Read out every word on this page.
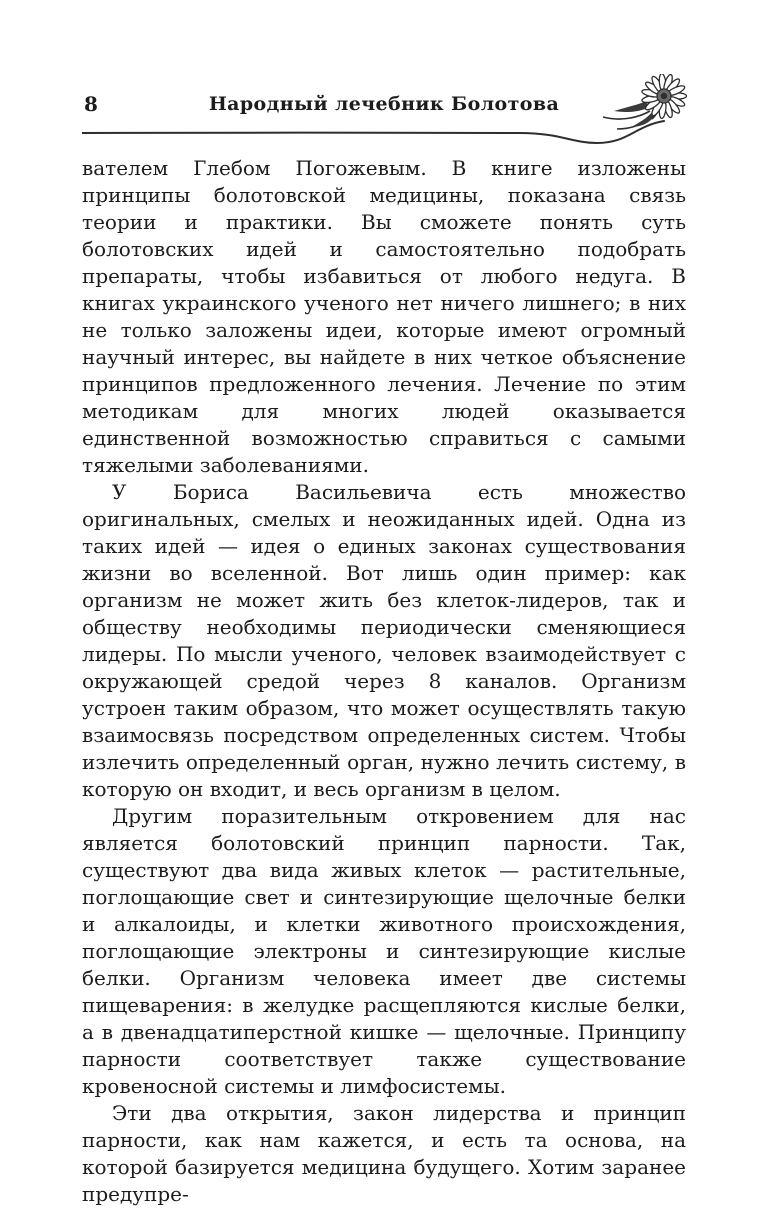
8	Народный лечебник Болотова

вателем Глебом Погожевым. В книге изложены принципы болотовской медицины, показана связь теории и практики. Вы сможете понять суть болотовских идей и самостоятельно подобрать препараты, чтобы избавиться от любого недуга. В книгах украинского ученого нет ничего лишнего; в них не только заложены идеи, которые имеют огромный научный интерес, вы найдете в них четкое объяснение принципов предложенного лечения. Лечение по этим методикам для многих людей оказывается единственной возможностью справиться с самыми тяжелыми заболеваниями.

У Бориса Васильевича есть множество оригинальных, смелых и неожиданных идей. Одна из таких идей — идея о единых законах существования жизни во вселенной. Вот лишь один пример: как организм не может жить без клеток-лидеров, так и обществу необходимы периодически сменяющиеся лидеры. По мысли ученого, человек взаимодействует с окружающей средой через 8 каналов. Организм устроен таким образом, что может осуществлять такую взаимосвязь посредством определенных систем. Чтобы излечить определенный орган, нужно лечить систему, в которую он входит, и весь организм в целом.

Другим поразительным откровением для нас является болотовский принцип парности. Так, существуют два вида живых клеток — растительные, поглощающие свет и синтезирующие щелочные белки и алкалоиды, и клетки животного происхождения, поглощающие электроны и синтезирующие кислые белки. Организм человека имеет две системы пищеварения: в желудке расщепляются кислые белки, а в двенадцатиперстной кишке — щелочные. Принципу парности соответствует также существование кровеносной системы и лимфосистемы.

Эти два открытия, закон лидерства и принцип парности, как нам кажется, и есть та основа, на которой базируется медицина будущего. Хотим заранее предупре-
